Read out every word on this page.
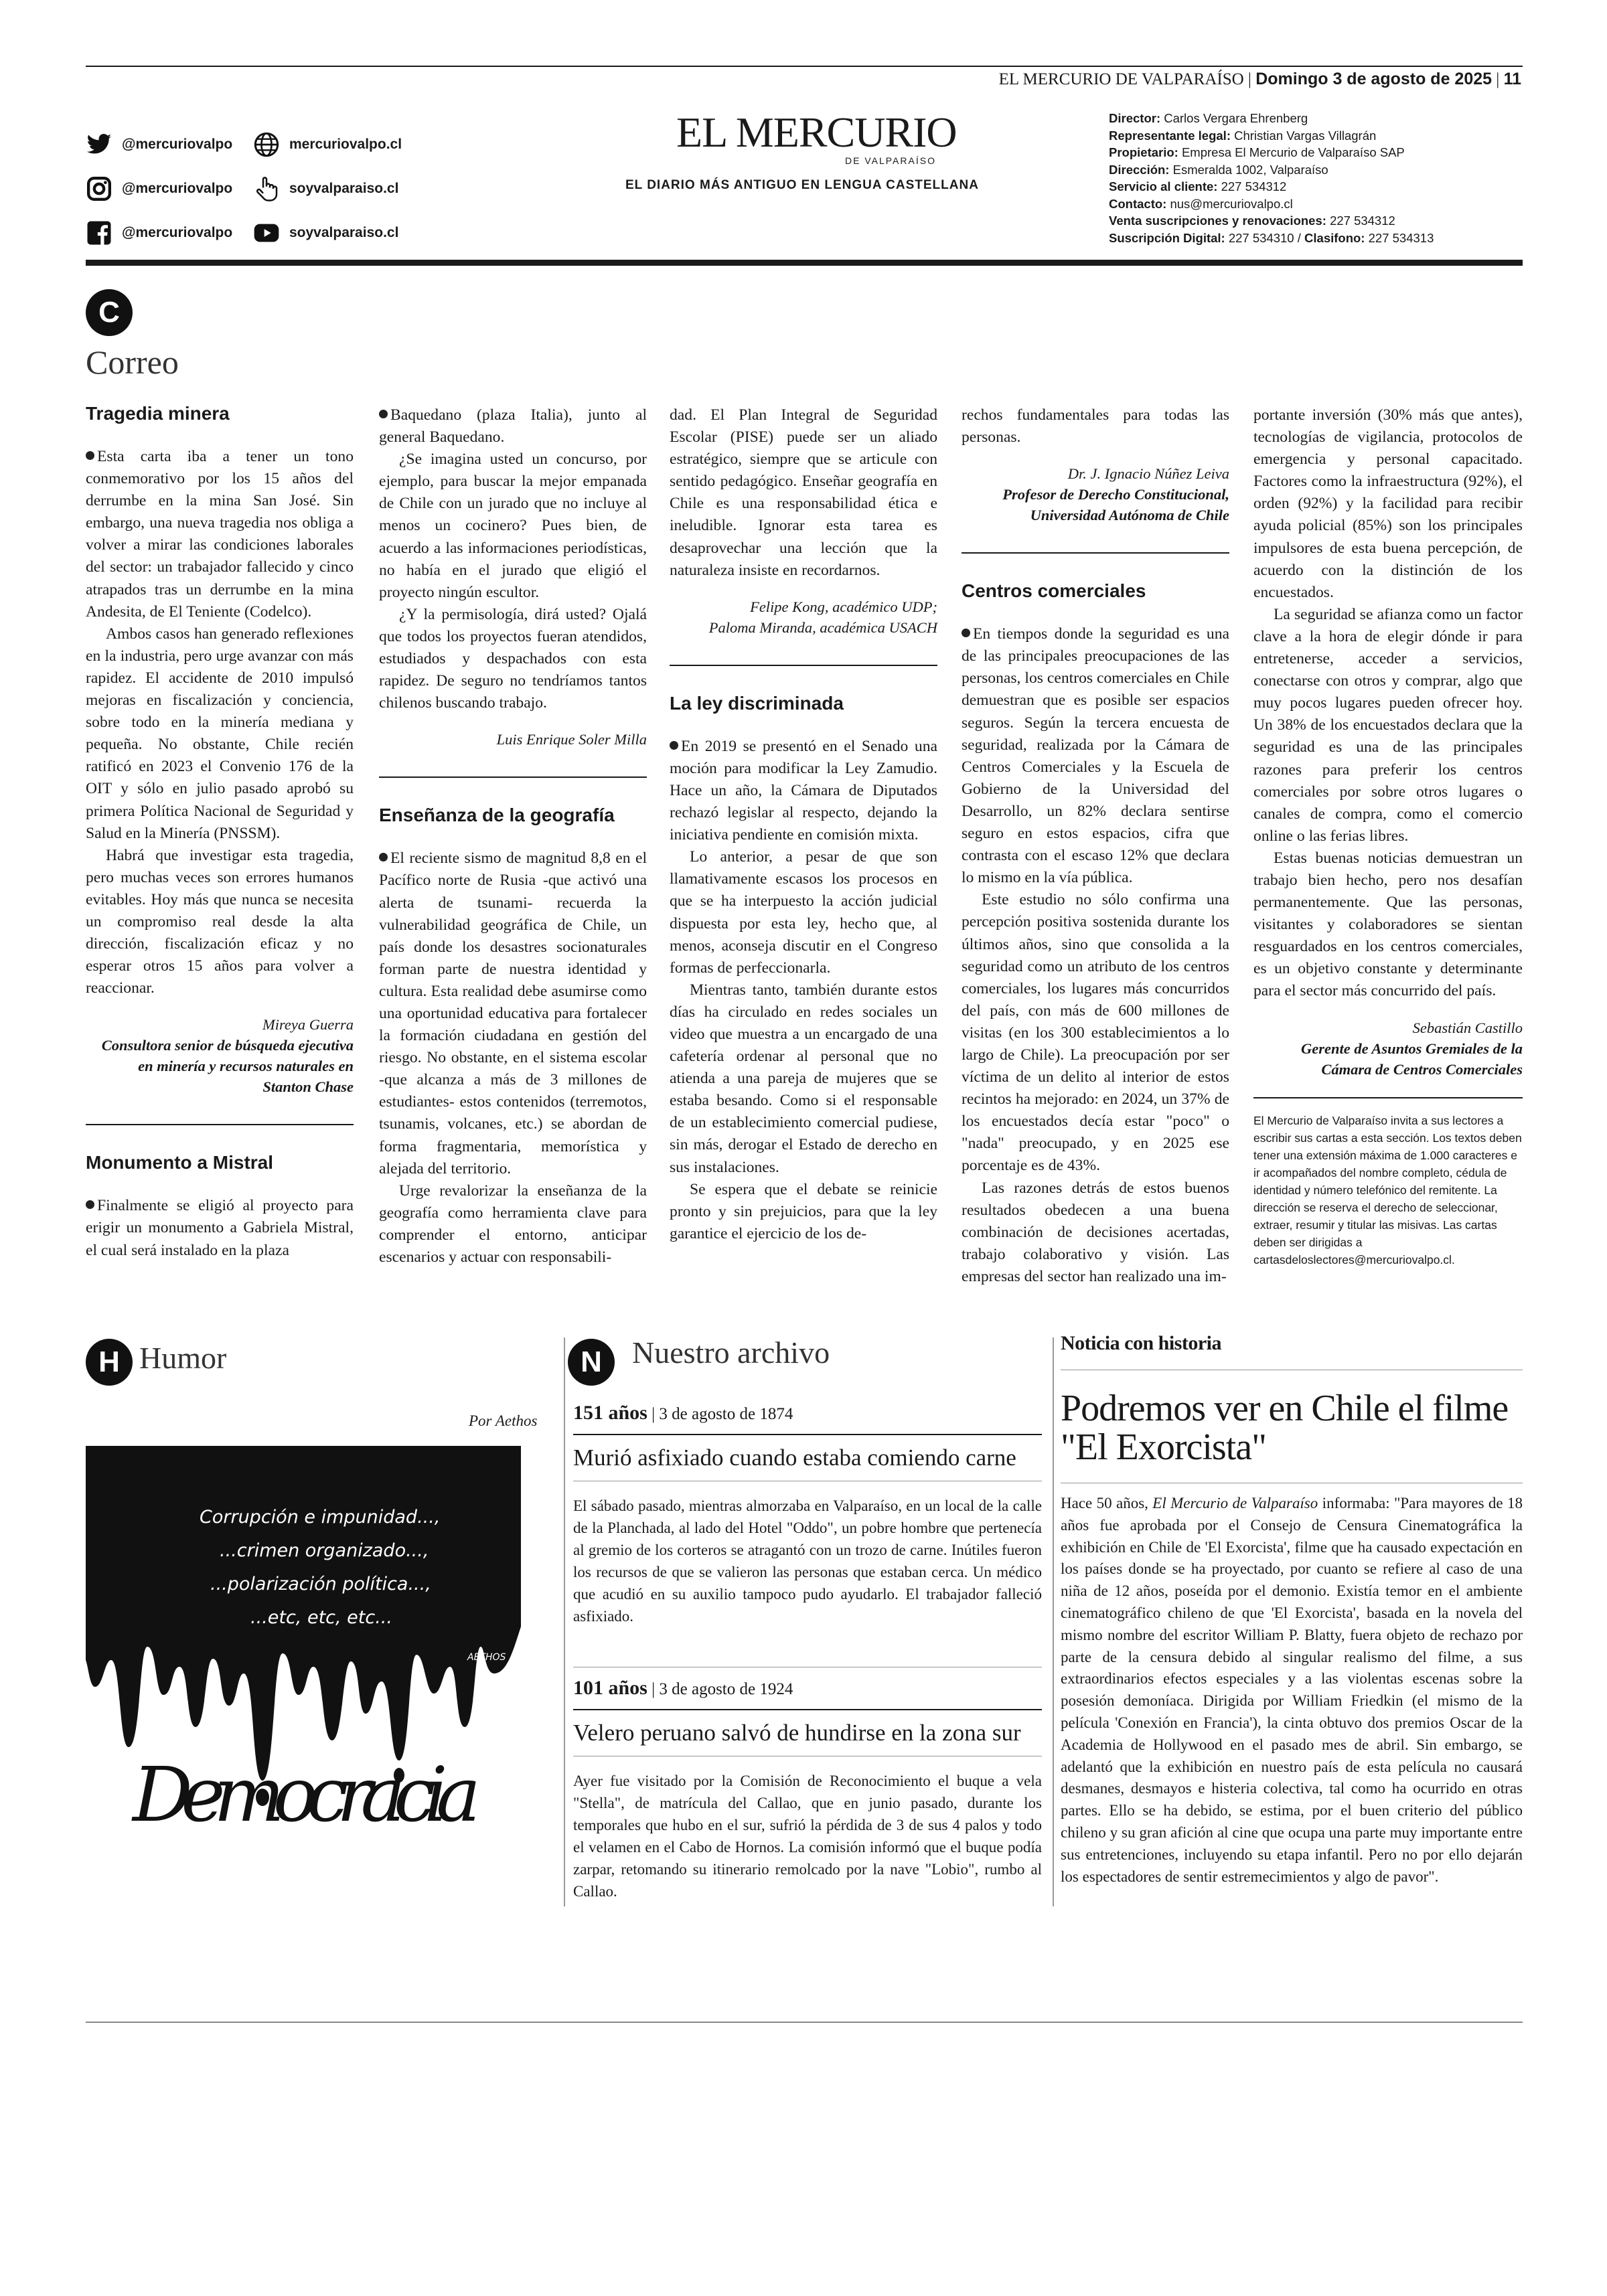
EL MERCURIO DE VALPARAÍSO | Domingo 3 de agosto de 2025 | 11
@mercuriovalpo
@mercuriovalpo
@mercuriovalpo
mercuriovalpo.cl
soyvalparaiso.cl
soyvalparaiso.cl
EL MERCURIO
DE VALPARAÍSO
EL DIARIO MÁS ANTIGUO EN LENGUA CASTELLANA
Director: Carlos Vergara Ehrenberg
Representante legal: Christian Vargas Villagrán
Propietario: Empresa El Mercurio de Valparaíso SAP
Dirección: Esmeralda 1002, Valparaíso
Servicio al cliente: 227 534312
Contacto: nus@mercuriovalpo.cl
Venta suscripciones y renovaciones: 227 534312
Suscripción Digital: 227 534310 / Clasifono: 227 534313
C
Correo
Tragedia minera

Esta carta iba a tener un tono conmemorativo por los 15 años del derrumbe en la mina San José. Sin embargo, una nueva tragedia nos obliga a volver a mirar las condiciones laborales del sector: un trabajador fallecido y cinco atrapados tras un derrumbe en la mina Andesita, de El Teniente (Codelco).

Ambos casos han generado reflexiones en la industria, pero urge avanzar con más rapidez. El accidente de 2010 impulsó mejoras en fiscalización y conciencia, sobre todo en la minería mediana y pequeña. No obstante, Chile recién ratificó en 2023 el Convenio 176 de la OIT y sólo en julio pasado aprobó su primera Política Nacional de Seguridad y Salud en la Minería (PNSSM).

Habrá que investigar esta tragedia, pero muchas veces son errores humanos evitables. Hoy más que nunca se necesita un compromiso real desde la alta dirección, fiscalización eficaz y no esperar otros 15 años para volver a reaccionar.

Mireya Guerra
Consultora senior de búsqueda ejecutiva en minería y recursos naturales en Stanton Chase
Monumento a Mistral

Finalmente se eligió al proyecto para erigir un monumento a Gabriela Mistral, el cual será instalado en la plaza

Baquedano (plaza Italia), junto al general Baquedano.

¿Se imagina usted un concurso, por ejemplo, para buscar la mejor empanada de Chile con un jurado que no incluye al menos un cocinero? Pues bien, de acuerdo a las informaciones periodísticas, no había en el jurado que eligió el proyecto ningún escultor.

¿Y la permisología, dirá usted? Ojalá que todos los proyectos fueran atendidos, estudiados y despachados con esta rapidez. De seguro no tendríamos tantos chilenos buscando trabajo.

Luis Enrique Soler Milla
Enseñanza de la geografía

El reciente sismo de magnitud 8,8 en el Pacífico norte de Rusia -que activó una alerta de tsunami- recuerda la vulnerabilidad geográfica de Chile, un país donde los desastres socionaturales forman parte de nuestra identidad y cultura. Esta realidad debe asumirse como una oportunidad educativa para fortalecer la formación ciudadana en gestión del riesgo. No obstante, en el sistema escolar -que alcanza a más de 3 millones de estudiantes- estos contenidos (terremotos, tsunamis, volcanes, etc.) se abordan de forma fragmentaria, memorística y alejada del territorio.

Urge revalorizar la enseñanza de la geografía como herramienta clave para comprender el entorno, anticipar escenarios y actuar con responsabili-

dad. El Plan Integral de Seguridad Escolar (PISE) puede ser un aliado estratégico, siempre que se articule con sentido pedagógico. Enseñar geografía en Chile es una responsabilidad ética e ineludible. Ignorar esta tarea es desaprovechar una lección que la naturaleza insiste en recordarnos.

Felipe Kong, académico UDP;
Paloma Miranda, académica USACH
La ley discriminada

En 2019 se presentó en el Senado una moción para modificar la Ley Zamudio. Hace un año, la Cámara de Diputados rechazó legislar al respecto, dejando la iniciativa pendiente en comisión mixta.

Lo anterior, a pesar de que son llamativamente escasos los procesos en que se ha interpuesto la acción judicial dispuesta por esta ley, hecho que, al menos, aconseja discutir en el Congreso formas de perfeccionarla.

Mientras tanto, también durante estos días ha circulado en redes sociales un video que muestra a un encargado de una cafetería ordenar al personal que no atienda a una pareja de mujeres que se estaba besando. Como si el responsable de un establecimiento comercial pudiese, sin más, derogar el Estado de derecho en sus instalaciones.

Se espera que el debate se reinicie pronto y sin prejuicios, para que la ley garantice el ejercicio de los de-

rechos fundamentales para todas las personas.

Dr. J. Ignacio Núñez Leiva
Profesor de Derecho Constitucional, Universidad Autónoma de Chile
Centros comerciales

En tiempos donde la seguridad es una de las principales preocupaciones de las personas, los centros comerciales en Chile demuestran que es posible ser espacios seguros. Según la tercera encuesta de seguridad, realizada por la Cámara de Centros Comerciales y la Escuela de Gobierno de la Universidad del Desarrollo, un 82% declara sentirse seguro en estos espacios, cifra que contrasta con el escaso 12% que declara lo mismo en la vía pública.

Este estudio no sólo confirma una percepción positiva sostenida durante los últimos años, sino que consolida a la seguridad como un atributo de los centros comerciales, los lugares más concurridos del país, con más de 600 millones de visitas (en los 300 establecimientos a lo largo de Chile). La preocupación por ser víctima de un delito al interior de estos recintos ha mejorado: en 2024, un 37% de los encuestados decía estar "poco" o "nada" preocupado, y en 2025 ese porcentaje es de 43%.

Las razones detrás de estos buenos resultados obedecen a una buena combinación de decisiones acertadas, trabajo colaborativo y visión. Las empresas del sector han realizado una im-

portante inversión (30% más que antes), tecnologías de vigilancia, protocolos de emergencia y personal capacitado. Factores como la infraestructura (92%), el orden (92%) y la facilidad para recibir ayuda policial (85%) son los principales impulsores de esta buena percepción, de acuerdo con la distinción de los encuestados.

La seguridad se afianza como un factor clave a la hora de elegir dónde ir para entretenerse, acceder a servicios, conectarse con otros y comprar, algo que muy pocos lugares pueden ofrecer hoy. Un 38% de los encuestados declara que la seguridad es una de las principales razones para preferir los centros comerciales por sobre otros lugares o canales de compra, como el comercio online o las ferias libres.

Estas buenas noticias demuestran un trabajo bien hecho, pero nos desafían permanentemente. Que las personas, visitantes y colaboradores se sientan resguardados en los centros comerciales, es un objetivo constante y determinante para el sector más concurrido del país.

Sebastián Castillo
Gerente de Asuntos Gremiales de la Cámara de Centros Comerciales
El Mercurio de Valparaíso invita a sus lectores a escribir sus cartas a esta sección. Los textos deben tener una extensión máxima de 1.000 caracteres e ir acompañados del nombre completo, cédula de identidad y número telefónico del remitente. La dirección se reserva el derecho de seleccionar, extraer, resumir y titular las misivas. Las cartas deben ser dirigidas a cartasdeloslectores@mercuriovalpo.cl.
H Humor
Por Aethos
Corrupción e impunidad...,
...crimen organizado...,
...polarización política...,
...etc, etc, etc...
AETHOS
Democracia
N Nuestro archivo
151 años | 3 de agosto de 1874
Murió asfixiado cuando estaba comiendo carne
El sábado pasado, mientras almorzaba en Valparaíso, en un local de la calle de la Planchada, al lado del Hotel "Oddo", un pobre hombre que pertenecía al gremio de los corteros se atragantó con un trozo de carne. Inútiles fueron los recursos de que se valieron las personas que estaban cerca. Un médico que acudió en su auxilio tampoco pudo ayudarlo. El trabajador falleció asfixiado.
101 años | 3 de agosto de 1924
Velero peruano salvó de hundirse en la zona sur
Ayer fue visitado por la Comisión de Reconocimiento el buque a vela "Stella", de matrícula del Callao, que en junio pasado, durante los temporales que hubo en el sur, sufrió la pérdida de 3 de sus 4 palos y todo el velamen en el Cabo de Hornos. La comisión informó que el buque podía zarpar, retomando su itinerario remolcado por la nave "Lobio", rumbo al Callao.
Noticia con historia
Podremos ver en Chile el filme "El Exorcista"
Hace 50 años, El Mercurio de Valparaíso informaba: "Para mayores de 18 años fue aprobada por el Consejo de Censura Cinematográfica la exhibición en Chile de 'El Exorcista', filme que ha causado expectación en los países donde se ha proyectado, por cuanto se refiere al caso de una niña de 12 años, poseída por el demonio. Existía temor en el ambiente cinematográfico chileno de que 'El Exorcista', basada en la novela del mismo nombre del escritor William P. Blatty, fuera objeto de rechazo por parte de la censura debido al singular realismo del filme, a sus extraordinarios efectos especiales y a las violentas escenas sobre la posesión demoníaca. Dirigida por William Friedkin (el mismo de la película 'Conexión en Francia'), la cinta obtuvo dos premios Oscar de la Academia de Hollywood en el pasado mes de abril. Sin embargo, se adelantó que la exhibición en nuestro país de esta película no causará desmanes, desmayos e histeria colectiva, tal como ha ocurrido en otras partes. Ello se ha debido, se estima, por el buen criterio del público chileno y su gran afición al cine que ocupa una parte muy importante entre sus entretenciones, incluyendo su etapa infantil. Pero no por ello dejarán los espectadores de sentir estremecimientos y algo de pavor".
